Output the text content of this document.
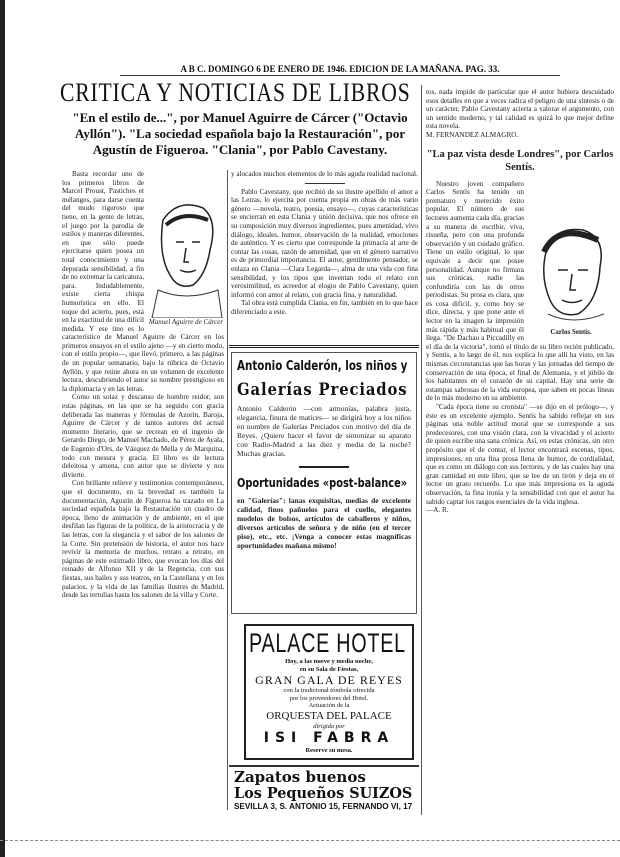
A B C. DOMINGO 6 DE ENERO DE 1946. EDICION DE LA MAÑANA. PAG. 33.
CRITICA Y NOTICIAS DE LIBROS
"En el estilo de...", por Manuel Aguirre de Cárcer ("Octavio Ayllón"). "La sociedad española bajo la Restauración", por Agustín de Figueroa. "Clania", por Pablo Cavestany.
Manuel Aguirre de Cárcer

Basta recordar uno de los primeros libros de Marcel Proust, Pastiches et mélanges, para darse cuenta del modo riguroso que tiene, en la gente de letras, el juego por la parodia de estilos y maneras diferentes, en que sólo puede ejercitarse quien posea un total conocimiento y una depurada sensibilidad, a fin de no extremar la caricatura, para. Indudablemente, existe cierta chispa humorística en ello. El toque del acierto, pues, está en la exactitud de una difícil medida. Y ese tino es lo característico de Manuel Aguirre de Cárcer en los primeros ensayos en el estilo ajeno —y en cierto modo, con el estilo propio—, que llevó, primero, a las páginas de un popular semanario, bajo la rúbrica de Octavio Ayllón, y que reúne ahora en un volumen de excelente lectura, descubriendo el autor su nombre prestigioso en la diplomacia y en las letras.

Como un solaz y descanso de hombre reidor, son estas páginas, en las que se ha seguido con gracia deliberada las maneras y fórmulas de Azorín, Baroja, Aguirre de Cárcer y de tantos autores del actual momento literario, que se recrean en el ingenio de Gerardo Diego, de Manuel Machado, de Pérez de Ayala, de Eugenio d'Ors, de Vázquez de Mella y de Marquina, todo con mesura y gracia. El libro es de lectura deleitosa y amena, con autor que se divierte y nos divierte.

Con brillante relieve y testimonios contemporáneos, que el documento, en la brevedad es también la documentación, Agustín de Figueroa ha trazado en La sociedad española bajo la Restauración un cuadro de época, lleno de animación y de ambiente, en el que desfilan las figuras de la política, de la aristocracia y de las letras, con la elegancia y el sabor de los salones de la Corte. Sin pretensión de historia, el autor nos hace revivir la memoria de muchos, retrato a retrato, en páginas de este estimado libro, que evocan los días del reinado de Alfonso XII y de la Regencia, con sus fiestas, sus bailes y sus teatros, en la Castellana y en los palacios, y la vida de las familias ilustres de Madrid, desde las tertulias hasta los salones de la villa y Corte.

y alocados muchos elementos de lo más aguda realidad nacional.

Pablo Cavestany, que recibió de su ilustre apellido el amor a las Letras, lo ejercita por cuenta propia en obras de más vario género —novela, teatro, poesía, ensayo—, cuyas características se encierran en esta Clania y unión decisiva, que nos ofrece en su composición muy diversos ingredientes, pues amenidad, vivo diálogo, ideales, humor, observación de la realidad, emociones de auténtico. Y es cierto que corresponde la primacía al arte de contar las cosas, razón de amenidad, que en el género narrativo es de primordial importancia. El autor, gentilmente pensador, se enlaza en Clania —Clara Legarda—, alma de una vida con fina sensibilidad, y los tipos que inventan todo el relato con verosimilitud, es acreedor al elogio de Pablo Cavestany, quien informó con amor al relato, con gracia fina, y naturalidad.

Tal obra está cumplida Clania, en fin, también en lo que hace diferenciado a este.

Antonio Calderón, los niños y
Galerías Preciados
Antonio Calderón —con armonías, palabra justa, elegancia, finura de matices— se dirigirá hoy a los niños en nombre de Galerías Preciados con motivo del día de Reyes. ¿Quiere hacer el favor de sintonizar su aparato con Radio-Madrid a las diez y media de la noche? Muchas gracias.
Oportunidades «post-balance»
en "Galerías": lanas exquisitas, medias de excelente calidad, finos pañuelos para el cuello, elegantes modelos de bolsos, artículos de caballeros y niños, diversos artículos de señora y de niño (en el tercer piso), etc., etc. ¡Venga a conocer estas magníficas oportunidades mañana mismo!
PALACE HOTEL
Hoy, a las nueve y media noche,
en su Sala de Fiestas,
GRAN GALA DE REYES
con la tradicional tómbola ofrecida
por los proveedores del Hotel.
Actuación de la
ORQUESTA DEL PALACE
dirigida por
ISI FABRA
Reserve su mesa.
Zapatos buenos
Los Pequeños SUIZOS
SEVILLA 3, S. ANTONIO 15, FERNANDO VI, 17

tos, nada impide de particular que el autor hubiera descuidado esos detalles en que a veces radica el peligro de una síntesis o de un carácter. Pablo Cavestany acierta a valorar el argumento, con un sentido moderno, y tal calidad es quizá lo que mejor define esta novela.

M. FERNANDEZ ALMAGRO.
"La paz vista desde Londres", por Carlos Sentís.
Carlos Sentís.

Nuestro joven compañero Carlos Sentís ha tenido un prematuro y merecido éxito popular. El número de sus lectores aumenta cada día, gracias a su manera de escribir, viva, risueña, pero con una profunda observación y un cuidado gráfico. Tiene un estilo original, lo que equivale a decir que posee personalidad. Aunque no firmara sus crónicas, nadie las confundiría con las de otros periodistas. Su prosa es clara, que es cosa difícil, y, como hoy se dice, directa, y que pone ante el lector en la imagen la impresión más rápida y más habitual que él llega. "De Dachau a Piccadilly en el día de la victoria", tomó el título de su libro recién publicado, y Sentís, a lo largo de él, nos explica lo que allí ha visto, en las mismas circunstancias que las horas y las jornadas del tiempo de conservación de una época, el final de Alemania, y el júbilo de los habitantes en el corazón de su capital. Hay una serie de estampas sabrosas de la vida europea, que saben en pocas líneas de lo más moderno en su ambiente.

"Cada época tiene su cronista" —se dijo en el prólogo—, y éste es un excelente ejemplo. Sentís ha sabido reflejar en sus páginas una noble actitud moral que se corresponde a sus predecesores, con una visión clara, con la vivacidad y el acierto de quien escribe una sana crónica. Así, en estas crónicas, sin otro propósito que el de contar, el lector encontrará escenas, tipos, impresiones, en una fina prosa llena de humor, de cordialidad, que es como un diálogo con sus lectores, y de las cuales hay una gran cantidad en este libro, que se lee de un tirón y deja en el lector un grato recuerdo. Lo que más impresiona es la aguda observación, la fina ironía y la sensibilidad con que el autor ha sabido captar los rasgos esenciales de la vida inglesa.

—A. R.
